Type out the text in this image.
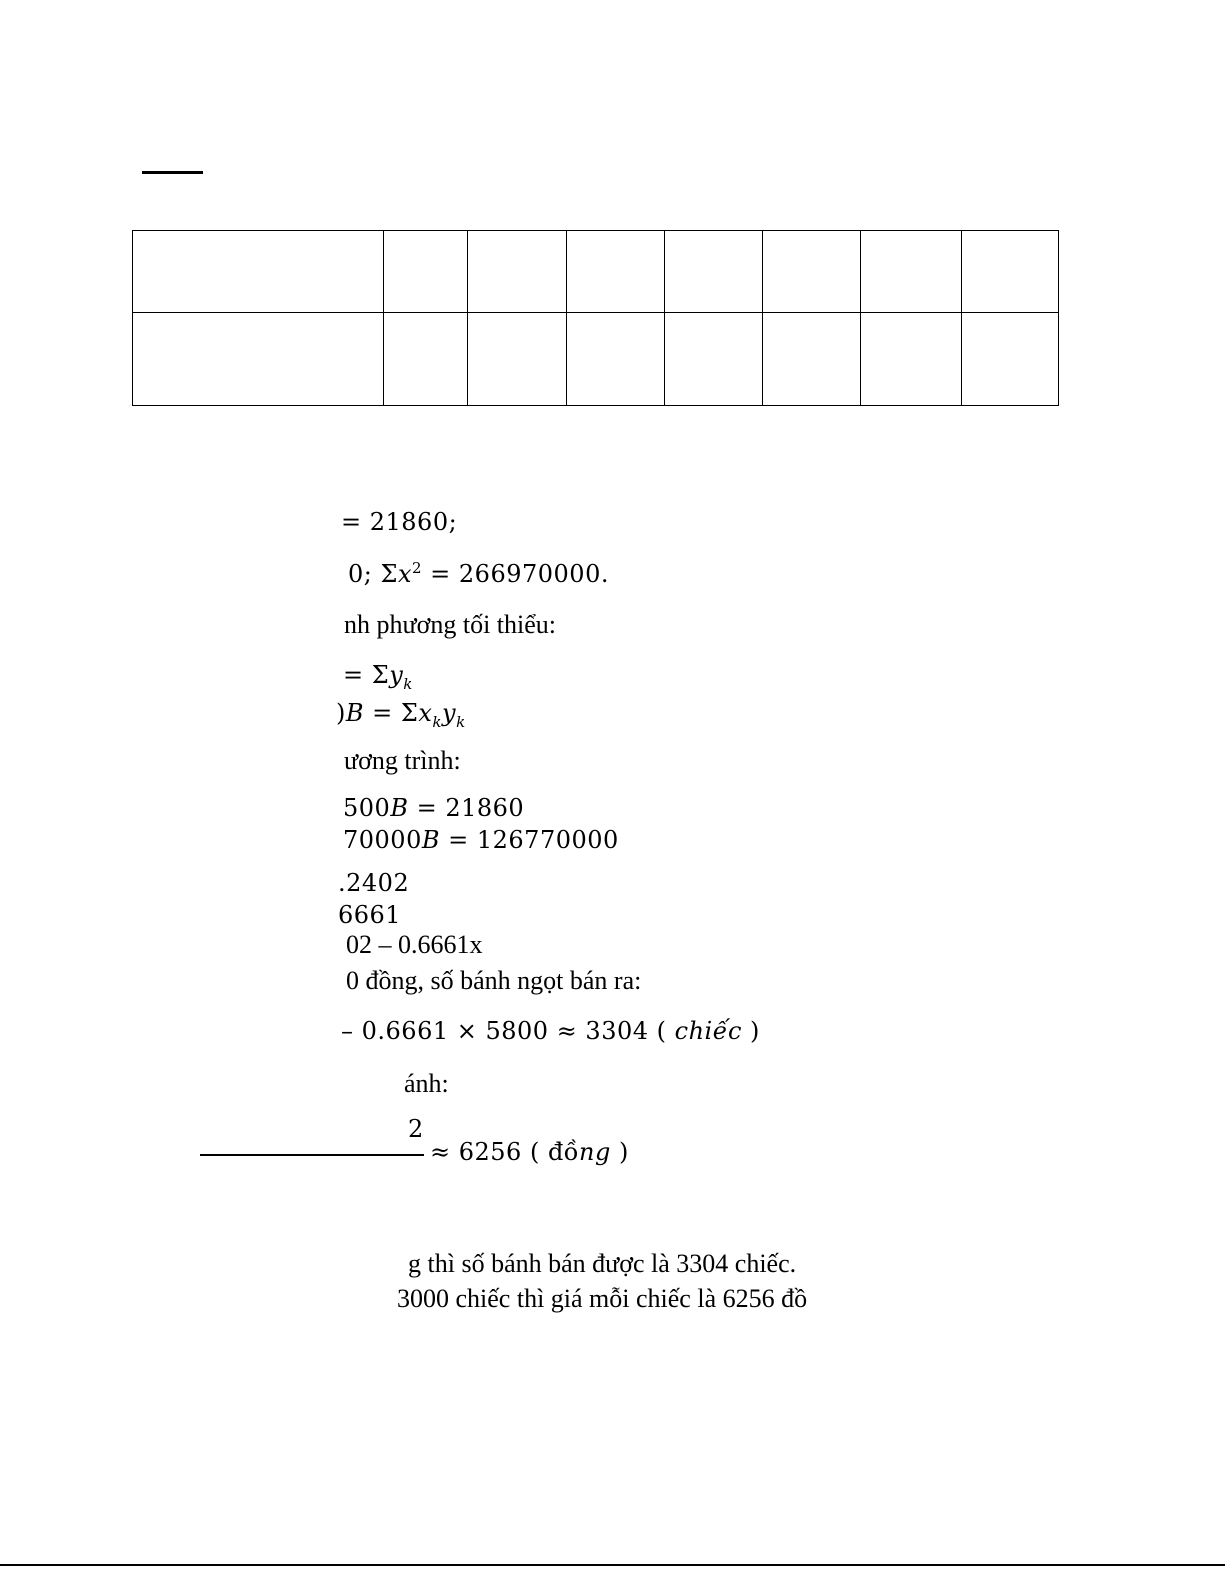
= 21860;
0; $\Sigma x^2 = 266970000$.
nh phương tối thiểu:
= $\Sigma y_k$
)$B = \Sigma x_ky_k$
ương trình:
500B = 21860
70000B = 126770000
.2402
6661
02 – 0.6661x
0 đồng, số bánh ngọt bán ra:
– 0.6661 × 5800 ≈ 3304 ( chiếc )
ánh:
2
≈ 6256 ( đồng )
g thì số bánh bán được là 3304 chiếc.
3000 chiếc thì giá mỗi chiếc là 6256 đồ
